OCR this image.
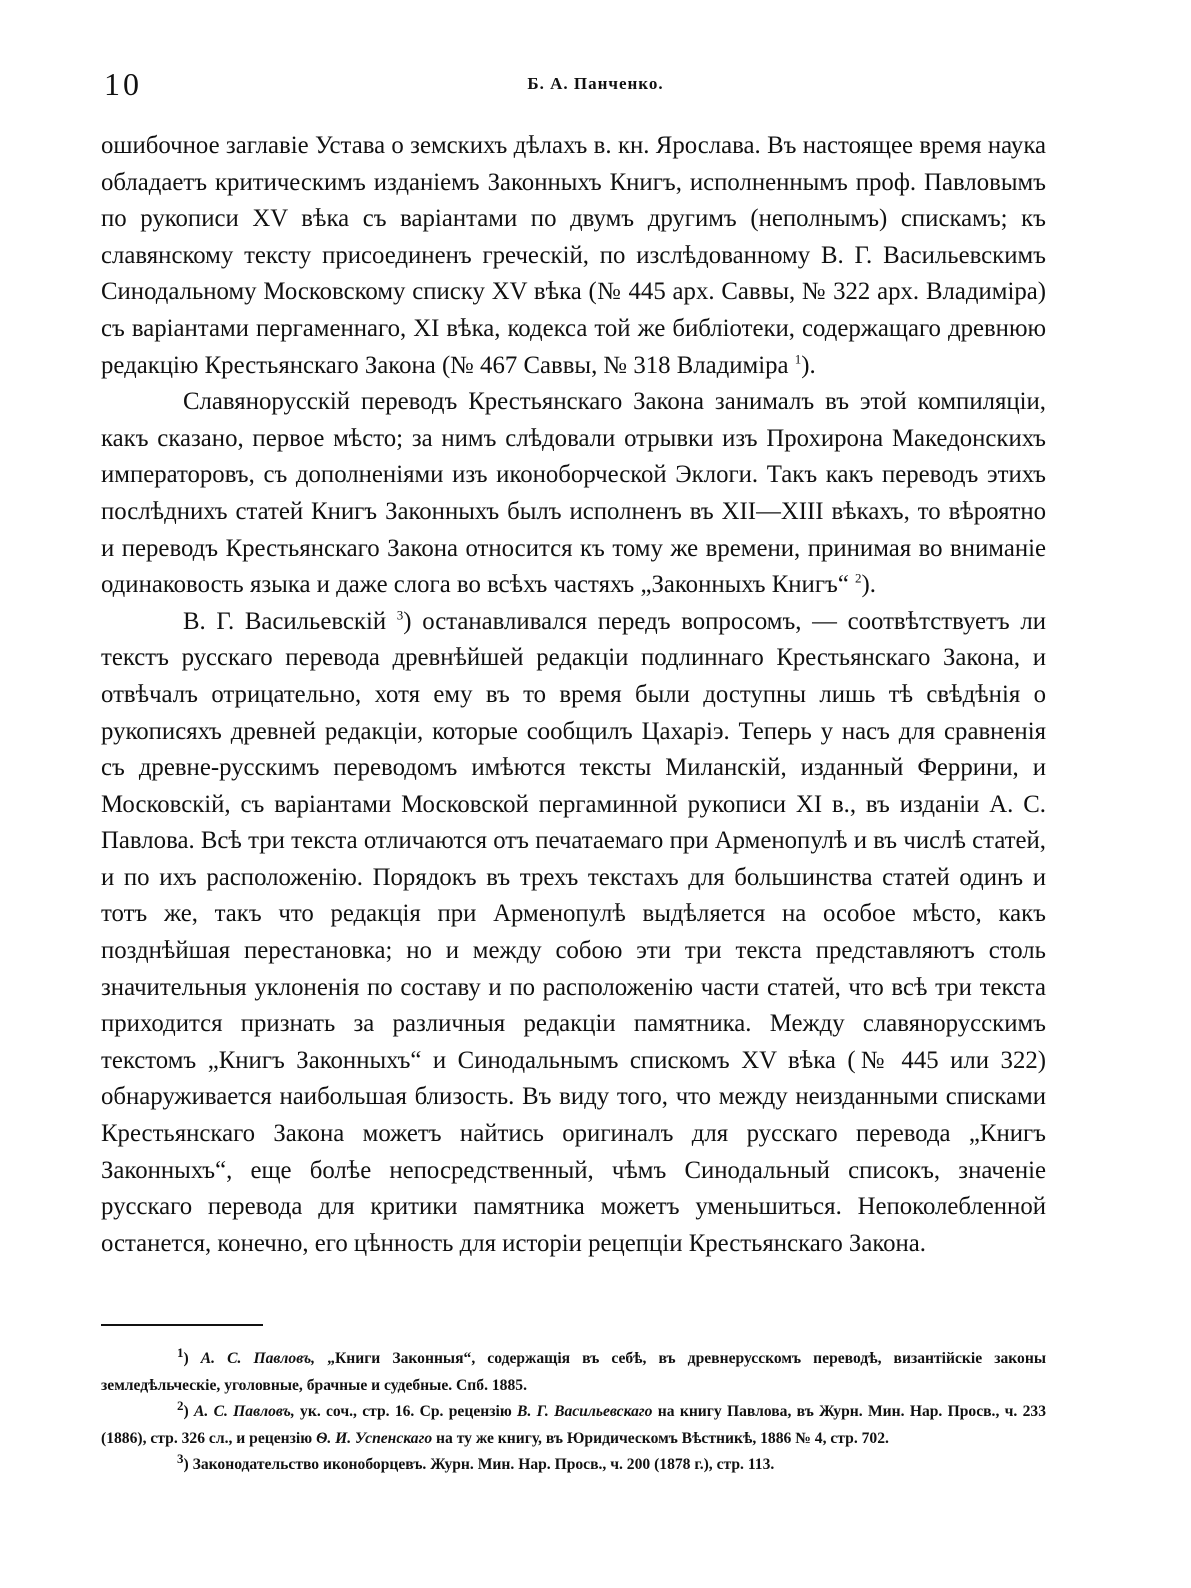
10	Б. А. Панченко.

ошибочное заглавіе Устава о земскихъ дѣлахъ в. кн. Ярослава. Въ настоящее время наука обладаетъ критическимъ изданіемъ Законныхъ Книгъ, исполненнымъ проф. Павловымъ по рукописи XV вѣка съ варіантами по двумъ другимъ (неполнымъ) спискамъ; къ славянскому тексту присоединенъ греческій, по изслѣдованному В. Г. Васильевскимъ Синодальному Московскому списку XV вѣка (№ 445 арх. Саввы, № 322 арх. Владиміра) съ варіантами пергаменнаго, XI вѣка, кодекса той же библіотеки, содержащаго древнюю редакцію Крестьянскаго Закона (№ 467 Саввы, № 318 Владиміра $^1$).

Славянорусскій переводъ Крестьянскаго Закона занималъ въ этой компиляціи, какъ сказано, первое мѣсто; за нимъ слѣдовали отрывки изъ Прохирона Македонскихъ императоровъ, съ дополненіями изъ иконоборческой Эклоги. Такъ какъ переводъ этихъ послѣднихъ статей Книгъ Законныхъ былъ исполненъ въ XII—XIII вѣкахъ, то вѣроятно и переводъ Крестьянскаго Закона относится къ тому же времени, принимая во вниманіе одинаковость языка и даже слога во всѣхъ частяхъ „Законныхъ Книгъ“ $^2$).

В. Г. Васильевскій $^3$) останавливался передъ вопросомъ, — соотвѣтствуетъ ли текстъ русскаго перевода древнѣйшей редакціи подлиннаго Крестьянскаго Закона, и отвѣчалъ отрицательно, хотя ему въ то время были доступны лишь тѣ свѣдѣнія о рукописяхъ древней редакціи, которые сообщилъ Цахаріэ. Теперь у насъ для сравненія съ древне-русскимъ переводомъ имѣются тексты Миланскій, изданный Феррини, и Московскій, съ варіантами Московской пергаминной рукописи XI в., въ изданіи А. С. Павлова. Всѣ три текста отличаются отъ печатаемаго при Арменопулѣ и въ числѣ статей, и по ихъ расположенію. Порядокъ въ трехъ текстахъ для большинства статей одинъ и тотъ же, такъ что редакція при Арменопулѣ выдѣляется на особое мѣсто, какъ позднѣйшая перестановка; но и между собою эти три текста представляютъ столь значительныя уклоненія по составу и по расположенію части статей, что всѣ три текста приходится признать за различныя редакціи памятника. Между славянорусскимъ текстомъ „Книгъ Законныхъ“ и Синодальнымъ спискомъ XV вѣка (№ 445 или 322) обнаруживается наибольшая близость. Въ виду того, что между неизданными списками Крестьянскаго Закона можетъ найтись оригиналъ для русскаго перевода „Книгъ Законныхъ“, еще болѣе непосредственный, чѣмъ Синодальный списокъ, значеніе русскаго перевода для критики памятника можетъ уменьшиться. Непоколебленной останется, конечно, его цѣнность для исторіи рецепціи Крестьянскаго Закона.

$^1$) А. С. Павловъ, „Книги Законныя“, содержащія въ себѣ, въ древнерусскомъ переводѣ, византійскіе законы земледѣльческіе, уголовные, брачные и судебные. Спб. 1885.

$^2$) А. С. Павловъ, ук. соч., стр. 16. Ср. рецензію В. Г. Васильевскаго на книгу Павлова, въ Журн. Мин. Нар. Просв., ч. 233 (1886), стр. 326 сл., и рецензію Ѳ. И. Успенскаго на ту же книгу, въ Юридическомъ Вѣстникѣ, 1886 № 4, стр. 702.

$^3$) Законодательство иконоборцевъ. Журн. Мин. Нар. Просв., ч. 200 (1878 г.), стр. 113.
